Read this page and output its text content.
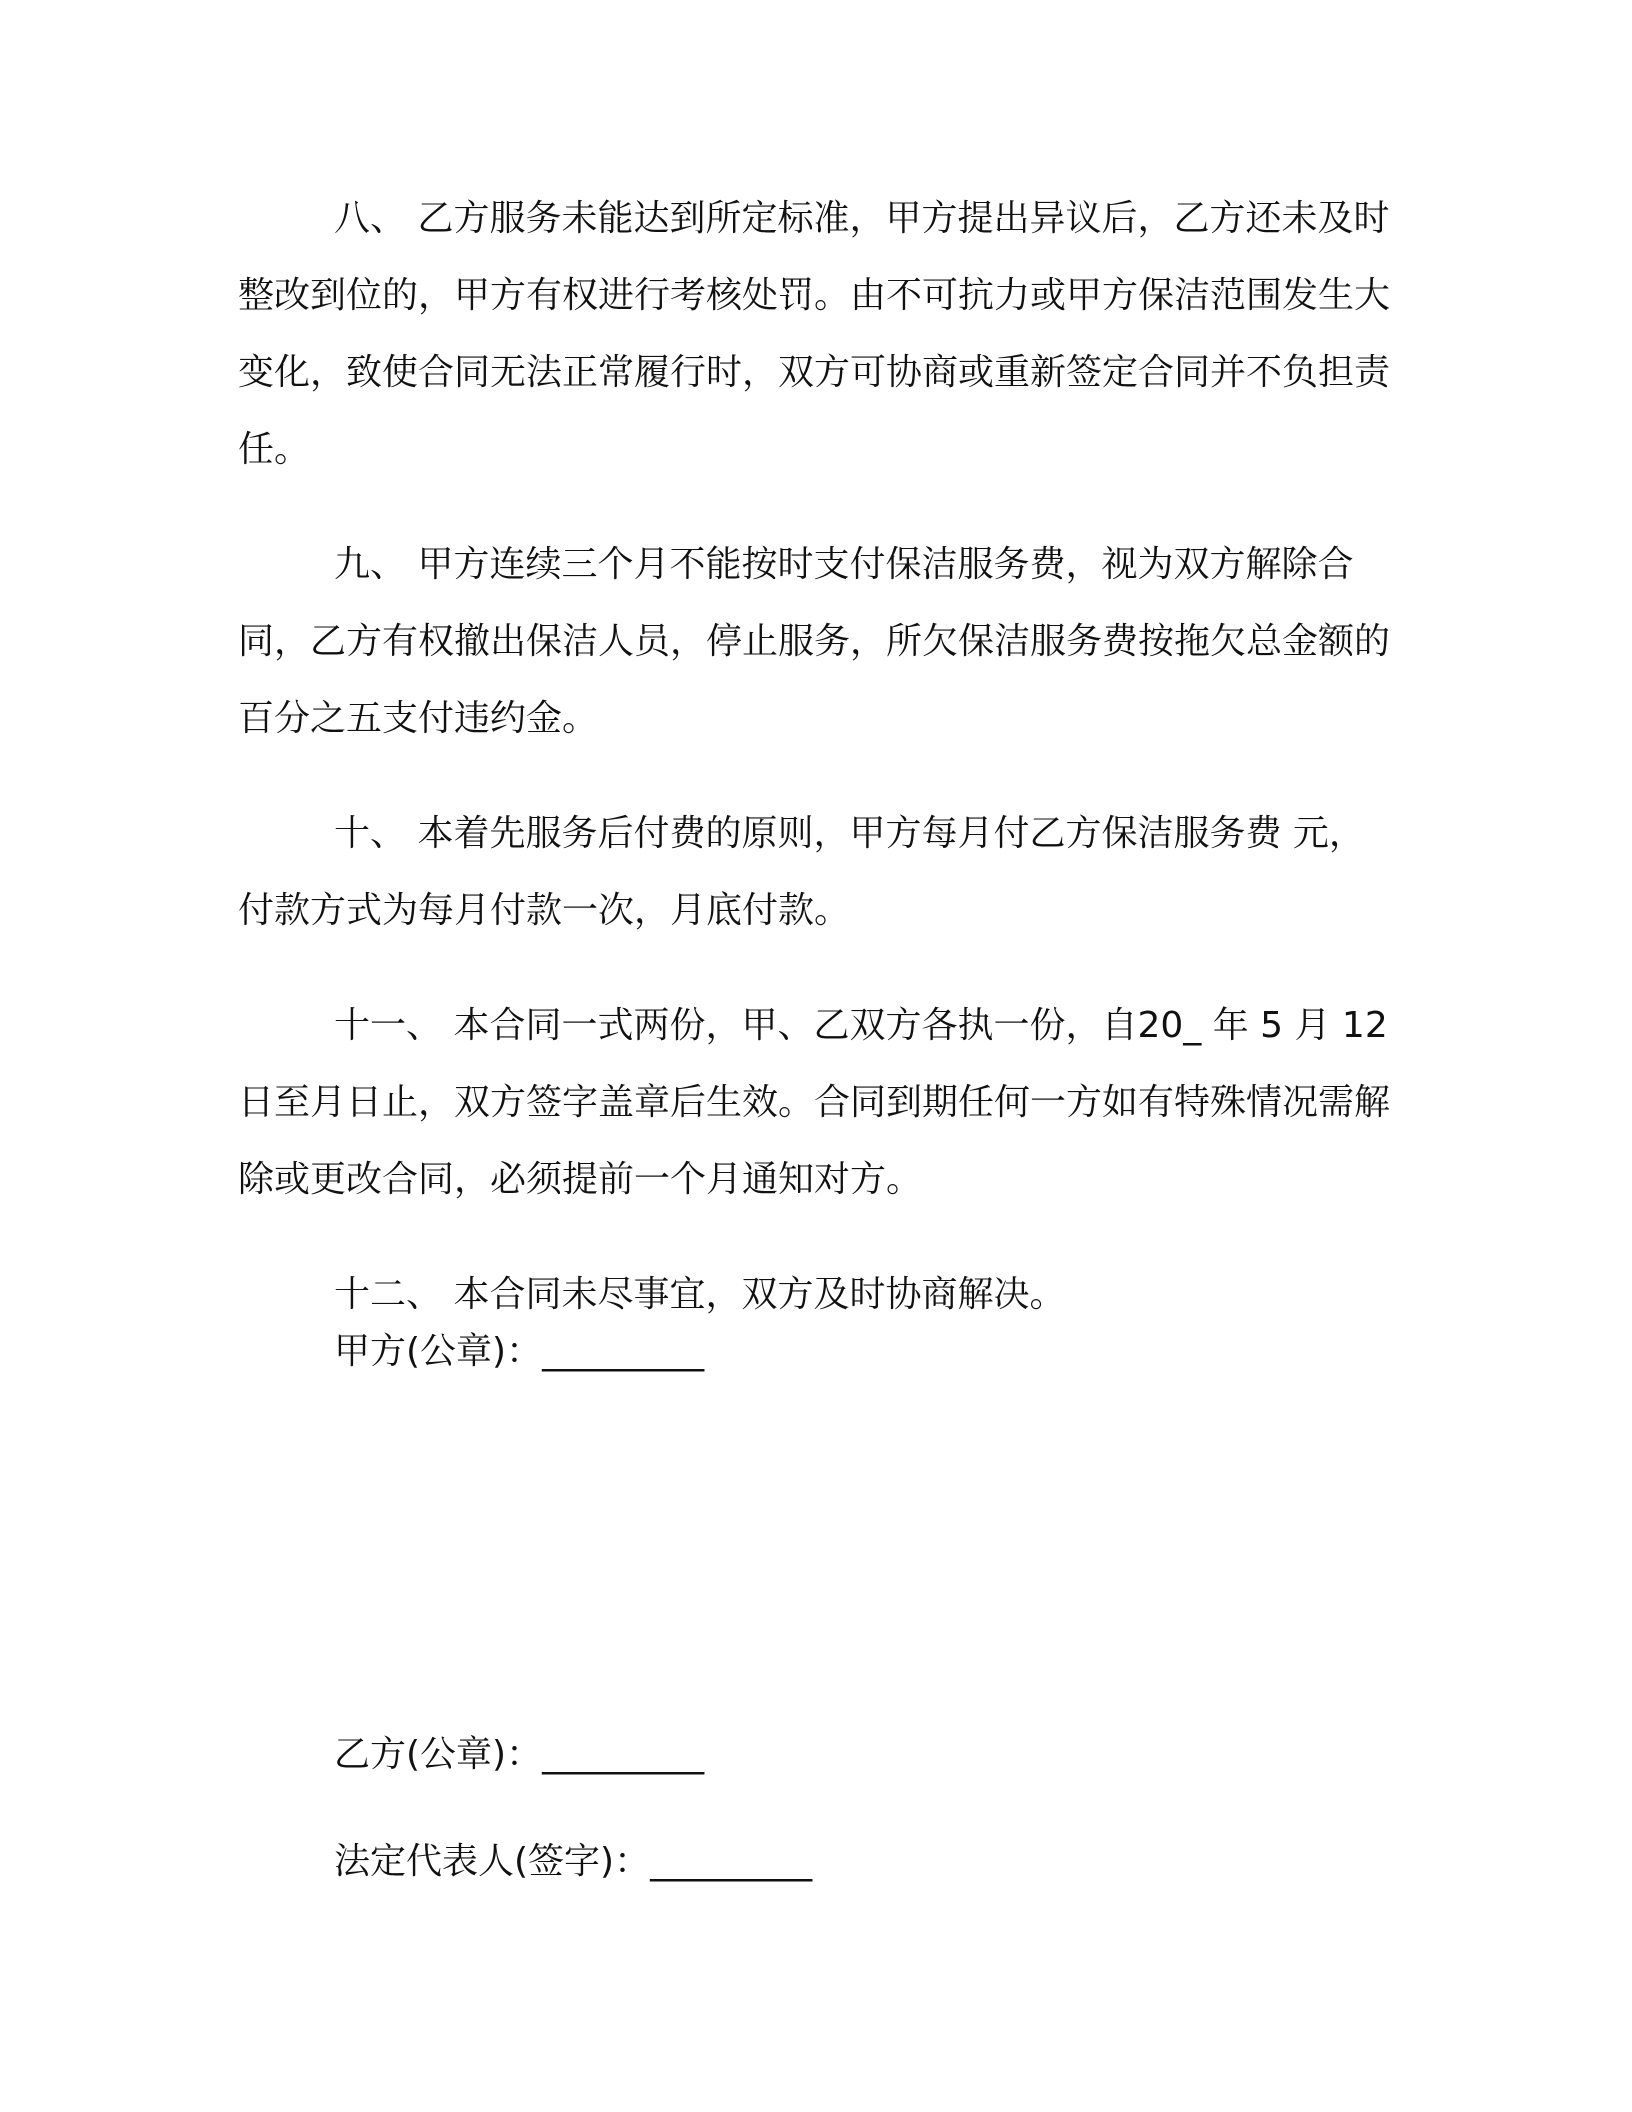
八、 乙方服务未能达到所定标准，甲方提出异议后，乙方还未及时整改到位的，甲方有权进行考核处罚。由不可抗力或甲方保洁范围发生大变化，致使合同无法正常履行时，双方可协商或重新签定合同并不负担责任。

九、 甲方连续三个月不能按时支付保洁服务费，视为双方解除合同，乙方有权撤出保洁人员，停止服务，所欠保洁服务费按拖欠总金额的百分之五支付违约金。

十、 本着先服务后付费的原则，甲方每月付乙方保洁服务费 元，付款方式为每月付款一次，月底付款。

十一、 本合同一式两份，甲、乙双方各执一份，自20_ 年 5 月 12 日至月日止，双方签字盖章后生效。合同到期任何一方如有特殊情况需解除或更改合同，必须提前一个月通知对方。

十二、 本合同未尽事宜，双方及时协商解决。

甲方(公章)：_________
乙方(公章)：_________
法定代表人(签字)：_________
